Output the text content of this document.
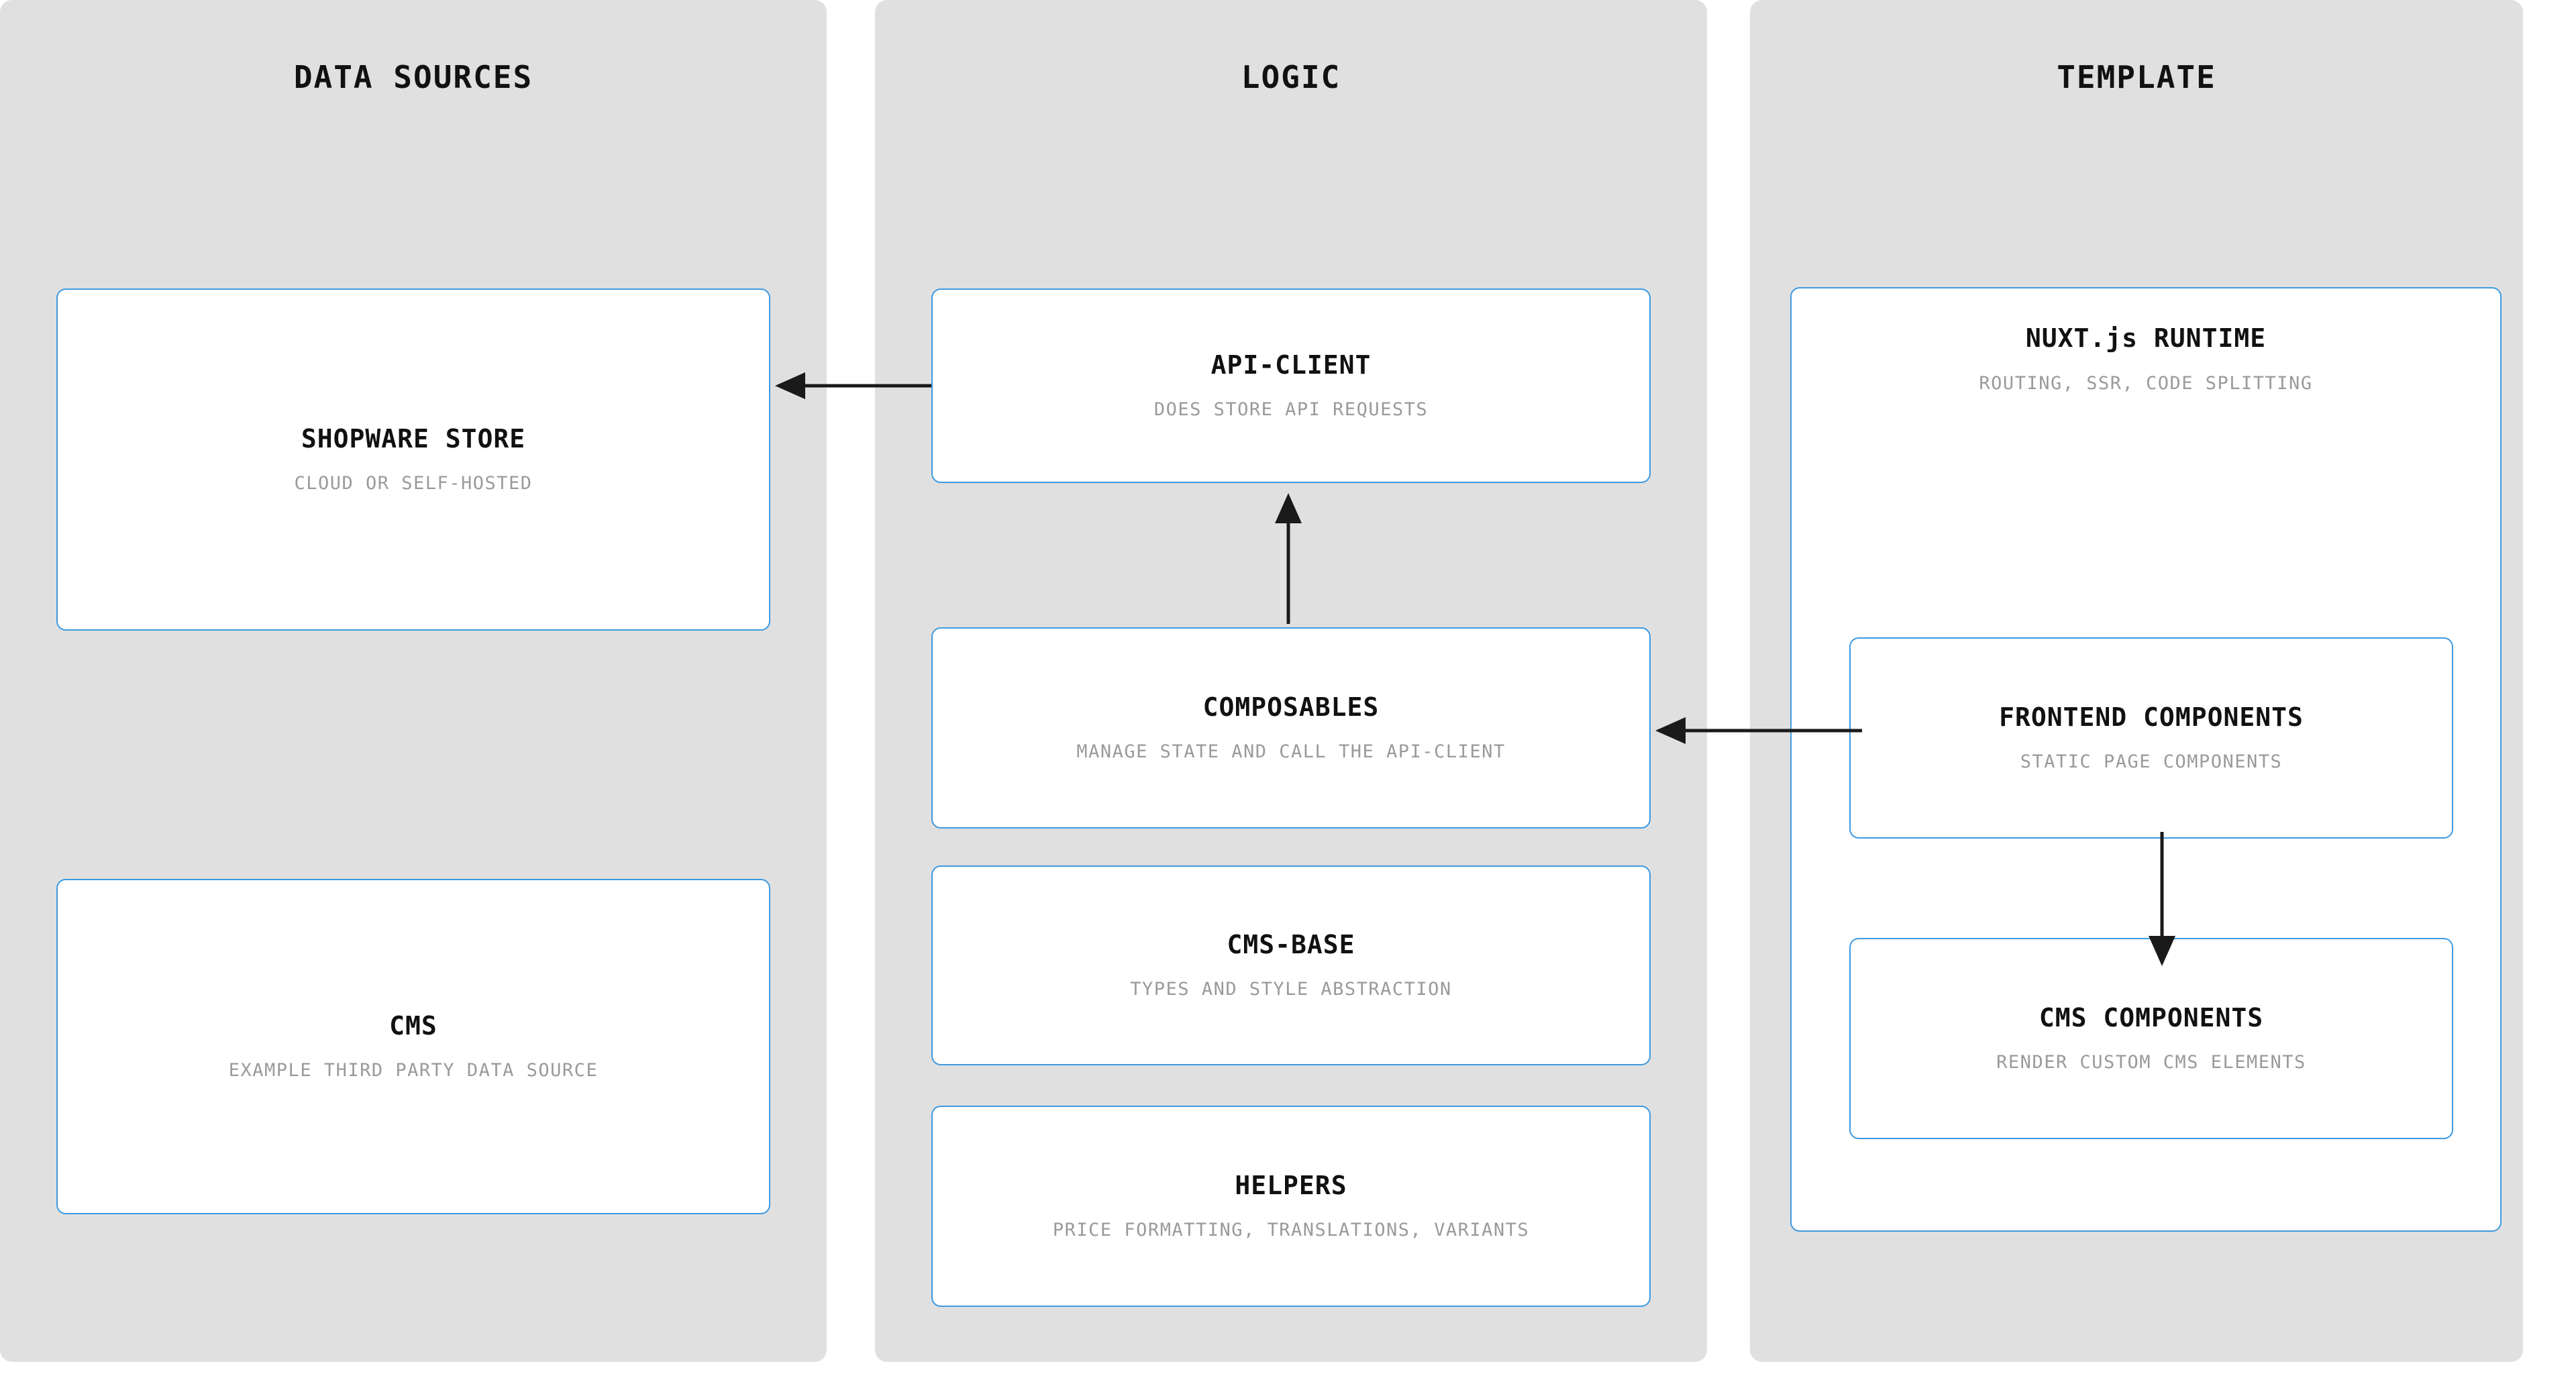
DATA SOURCES
SHOPWARE STORE
CLOUD OR SELF-HOSTED
CMS
EXAMPLE THIRD PARTY DATA SOURCE
LOGIC
API-CLIENT
DOES STORE API REQUESTS
COMPOSABLES
MANAGE STATE AND CALL THE API-CLIENT
CMS-BASE
TYPES AND STYLE ABSTRACTION
HELPERS
PRICE FORMATTING, TRANSLATIONS, VARIANTS
TEMPLATE
NUXT.js RUNTIME
ROUTING, SSR, CODE SPLITTING
FRONTEND COMPONENTS
STATIC PAGE COMPONENTS
CMS COMPONENTS
RENDER CUSTOM CMS ELEMENTS
